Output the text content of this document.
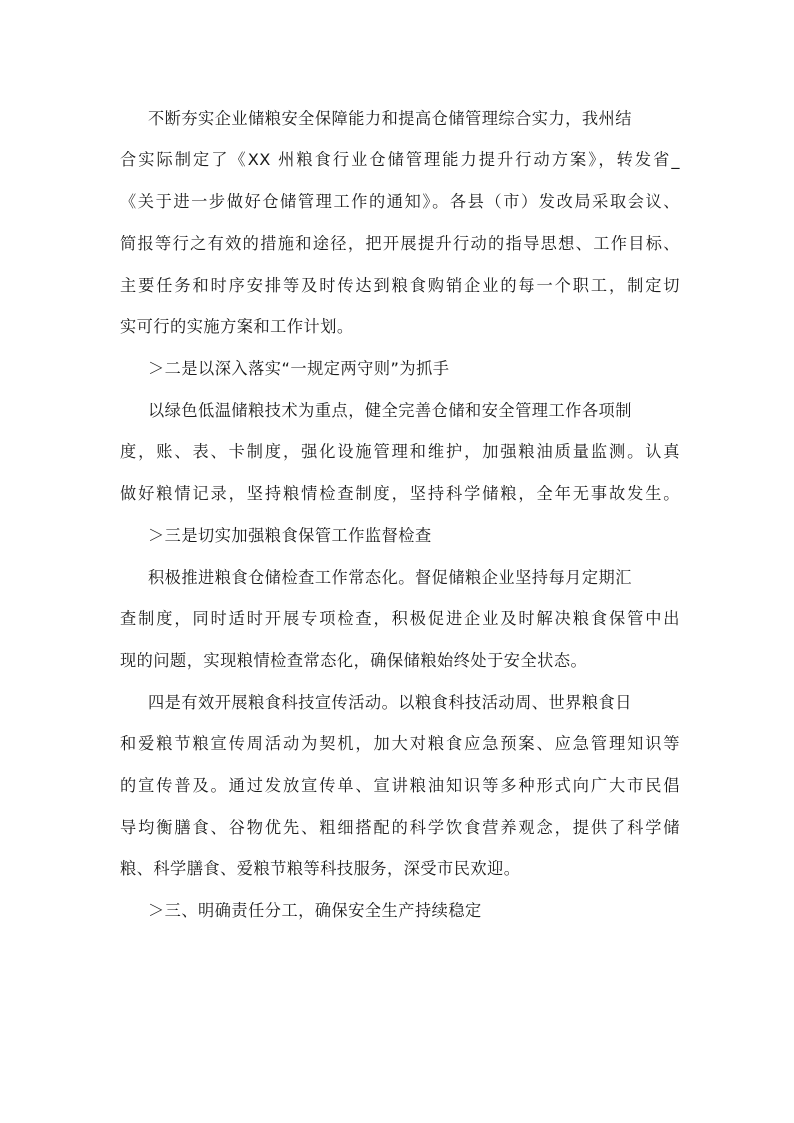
不断夯实企业储粮安全保障能力和提高仓储管理综合实力，我州结
合实际制定了《XX 州粮食行业仓储管理能力提升行动方案》，转发省_
《关于进一步做好仓储管理工作的通知》。各县（市）发改局采取会议、
简报等行之有效的措施和途径，把开展提升行动的指导思想、工作目标、
主要任务和时序安排等及时传达到粮食购销企业的每一个职工，制定切
实可行的实施方案和工作计划。
＞二是以深入落实“一规定两守则”为抓手
以绿色低温储粮技术为重点，健全完善仓储和安全管理工作各项制
度，账、表、卡制度，强化设施管理和维护，加强粮油质量监测。认真
做好粮情记录，坚持粮情检查制度，坚持科学储粮，全年无事故发生。
＞三是切实加强粮食保管工作监督检查
积极推进粮食仓储检查工作常态化。督促储粮企业坚持每月定期汇
查制度，同时适时开展专项检查，积极促进企业及时解决粮食保管中出
现的问题，实现粮情检查常态化，确保储粮始终处于安全状态。
四是有效开展粮食科技宣传活动。以粮食科技活动周、世界粮食日
和爱粮节粮宣传周活动为契机，加大对粮食应急预案、应急管理知识等
的宣传普及。通过发放宣传单、宣讲粮油知识等多种形式向广大市民倡
导均衡膳食、谷物优先、粗细搭配的科学饮食营养观念，提供了科学储
粮、科学膳食、爱粮节粮等科技服务，深受市民欢迎。
＞三、明确责任分工，确保安全生产持续稳定
